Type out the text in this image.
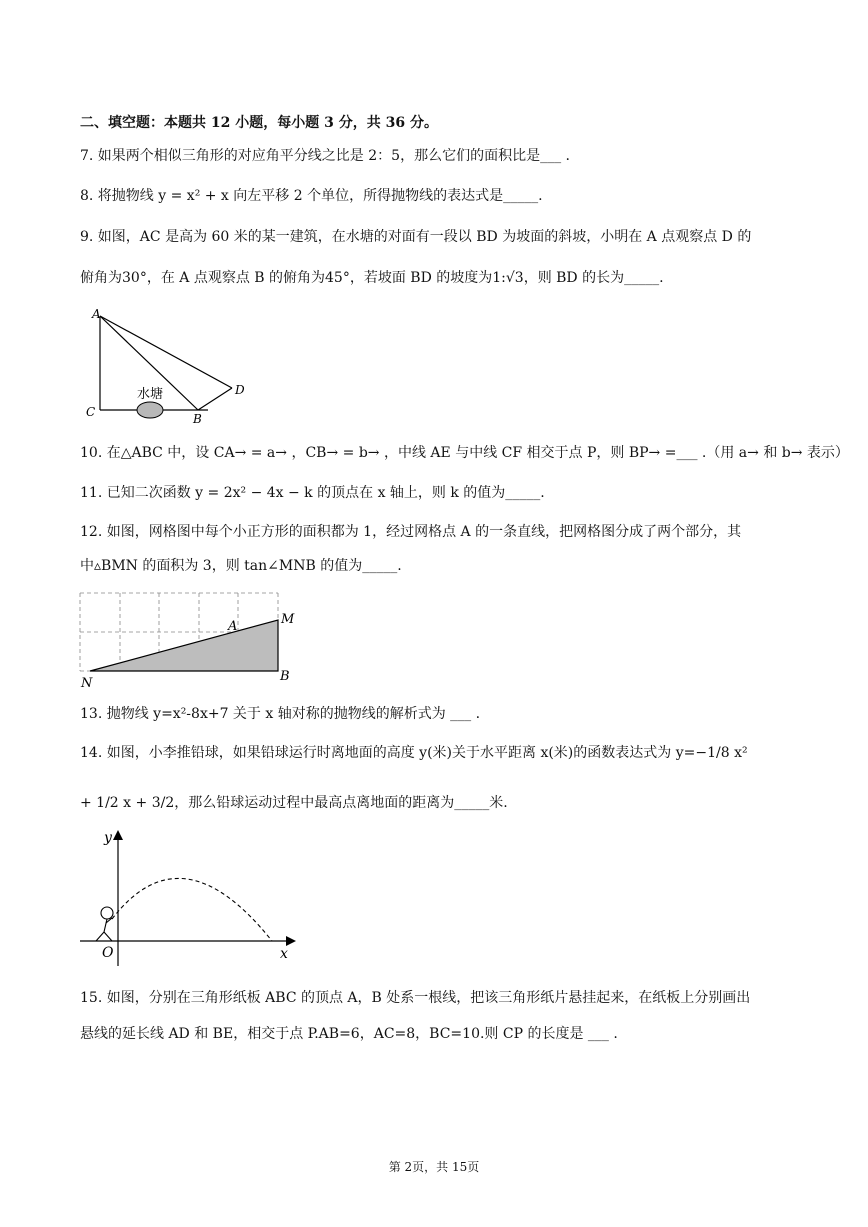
二、填空题：本题共 12 小题，每小题 3 分，共 36 分。
7. 如果两个相似三角形的对应角平分线之比是 2：5，那么它们的面积比是___ .
8. 将抛物线 y = x² + x 向左平移 2 个单位，所得抛物线的表达式是_____.
9. 如图，AC 是高为 60 米的某一建筑，在水塘的对面有一段以 BD 为坡面的斜坡，小明在 A 点观察点 D 的
俯角为30°，在 A 点观察点 B 的俯角为45°，若坡面 BD 的坡度为1:√3，则 BD 的长为_____.
A
C	B
D
水塘
10. 在△ABC 中，设 CA→ = a→ ，CB→ = b→ ，中线 AE 与中线 CF 相交于点 P，则 BP→ =___ .（用 a→ 和 b→ 表示）
11. 已知二次函数 y = 2x² − 4x − k 的顶点在 x 轴上，则 k 的值为_____.
12. 如图，网格图中每个小正方形的面积都为 1，经过网格点 A 的一条直线，把网格图分成了两个部分，其
中▵BMN 的面积为 3，则 tan∠MNB 的值为_____.
A	M
N	B
13. 抛物线 y=x²-8x+7 关于 x 轴对称的抛物线的解析式为 ___ .
14. 如图，小李推铅球，如果铅球运行时离地面的高度 y(米)关于水平距离 x(米)的函数表达式为 y=−1/8 x²
+ 1/2 x + 3/2，那么铅球运动过程中最高点离地面的距离为_____米.
y
O	x
15. 如图，分别在三角形纸板 ABC 的顶点 A，B 处系一根线，把该三角形纸片悬挂起来，在纸板上分别画出
悬线的延长线 AD 和 BE，相交于点 P.AB=6，AC=8，BC=10.则 CP 的长度是 ___ .
第 2页，共 15页
